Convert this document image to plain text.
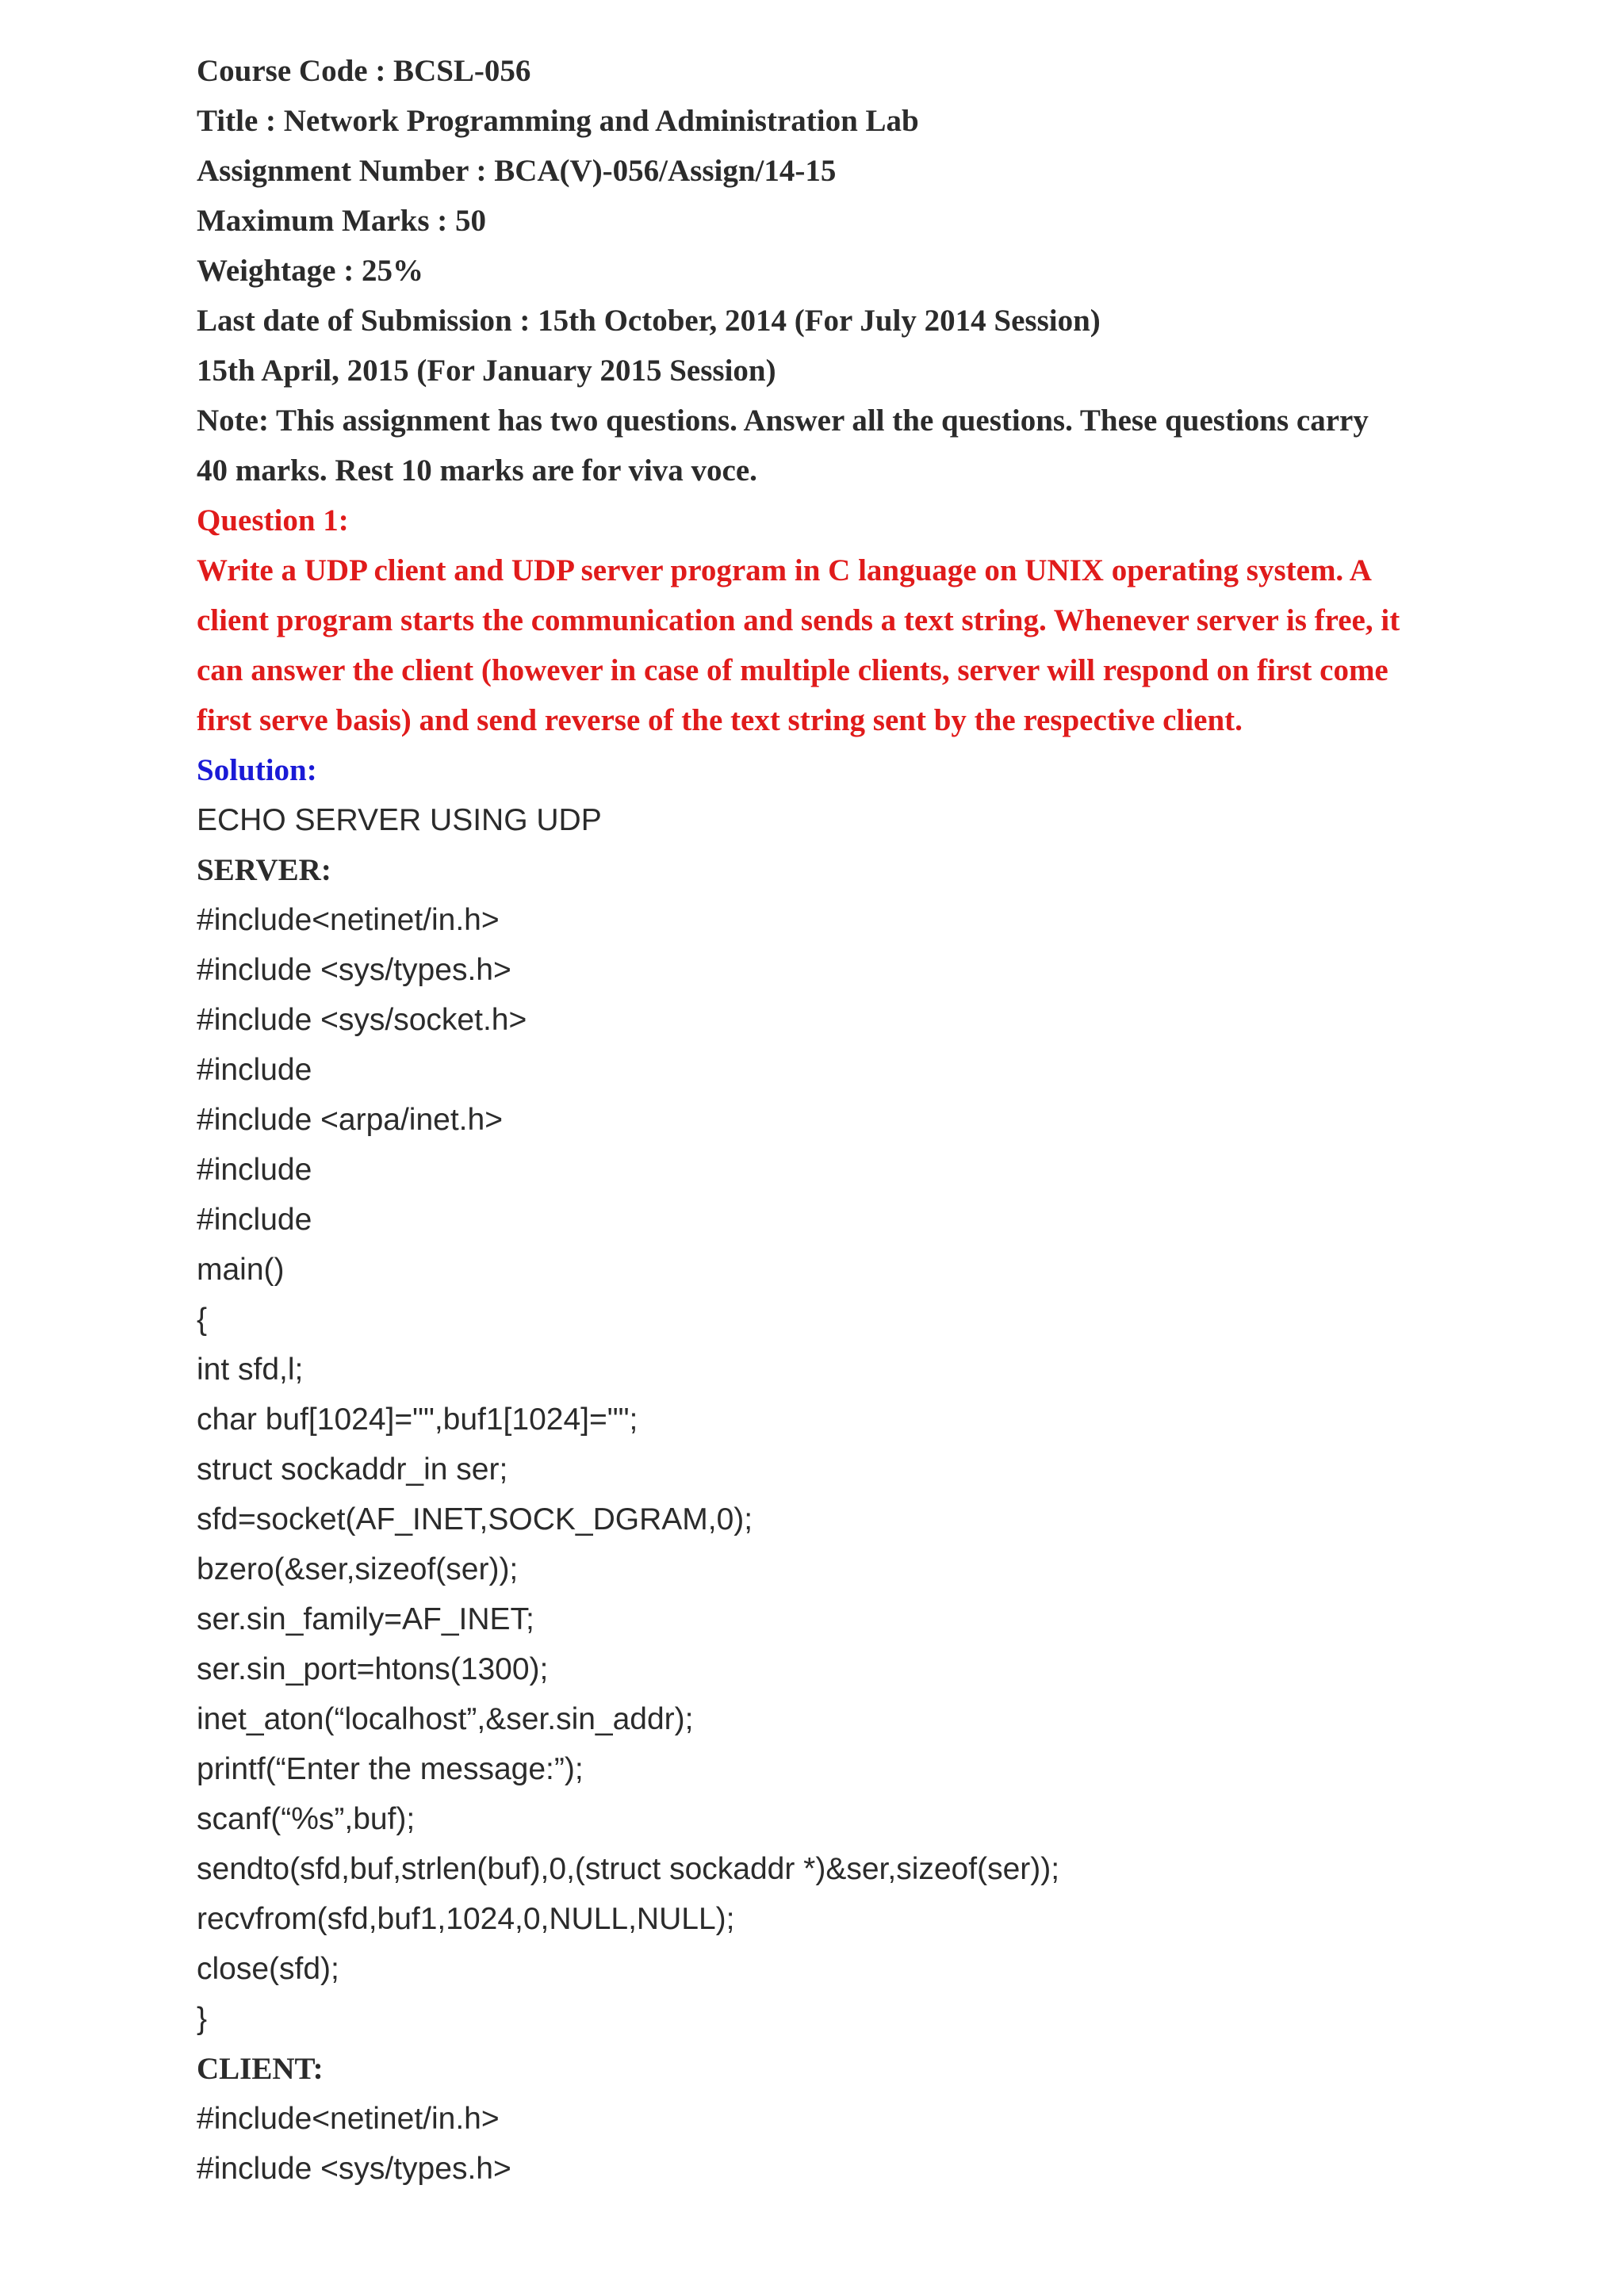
Course Code : BCSL-056

Title : Network Programming and Administration Lab

Assignment Number : BCA(V)-056/Assign/14-15

Maximum Marks : 50

Weightage : 25%

Last date of Submission : 15th October, 2014 (For July 2014 Session)

15th April, 2015 (For January 2015 Session)

Note: This assignment has two questions. Answer all the questions. These questions carry

40 marks. Rest 10 marks are for viva voce.

Question 1:

Write a UDP client and UDP server program in C language on UNIX operating system. A

client program starts the communication and sends a text string. Whenever server is free, it

can answer the client (however in case of multiple clients, server will respond on first come

first serve basis) and send reverse of the text string sent by the respective client.

Solution:

ECHO SERVER USING UDP

SERVER:

#include<netinet/in.h>

#include <sys/types.h>

#include <sys/socket.h>

#include

#include <arpa/inet.h>

#include

#include

main()

{

int sfd,l;

char buf[1024]="",buf1[1024]="";

struct sockaddr_in ser;

sfd=socket(AF_INET,SOCK_DGRAM,0);

bzero(&ser,sizeof(ser));

ser.sin_family=AF_INET;

ser.sin_port=htons(1300);

inet_aton(“localhost”,&ser.sin_addr);

printf(“Enter the message:”);

scanf(“%s”,buf);

sendto(sfd,buf,strlen(buf),0,(struct sockaddr *)&ser,sizeof(ser));

recvfrom(sfd,buf1,1024,0,NULL,NULL);

close(sfd);

}

CLIENT:

#include<netinet/in.h>

#include <sys/types.h>
